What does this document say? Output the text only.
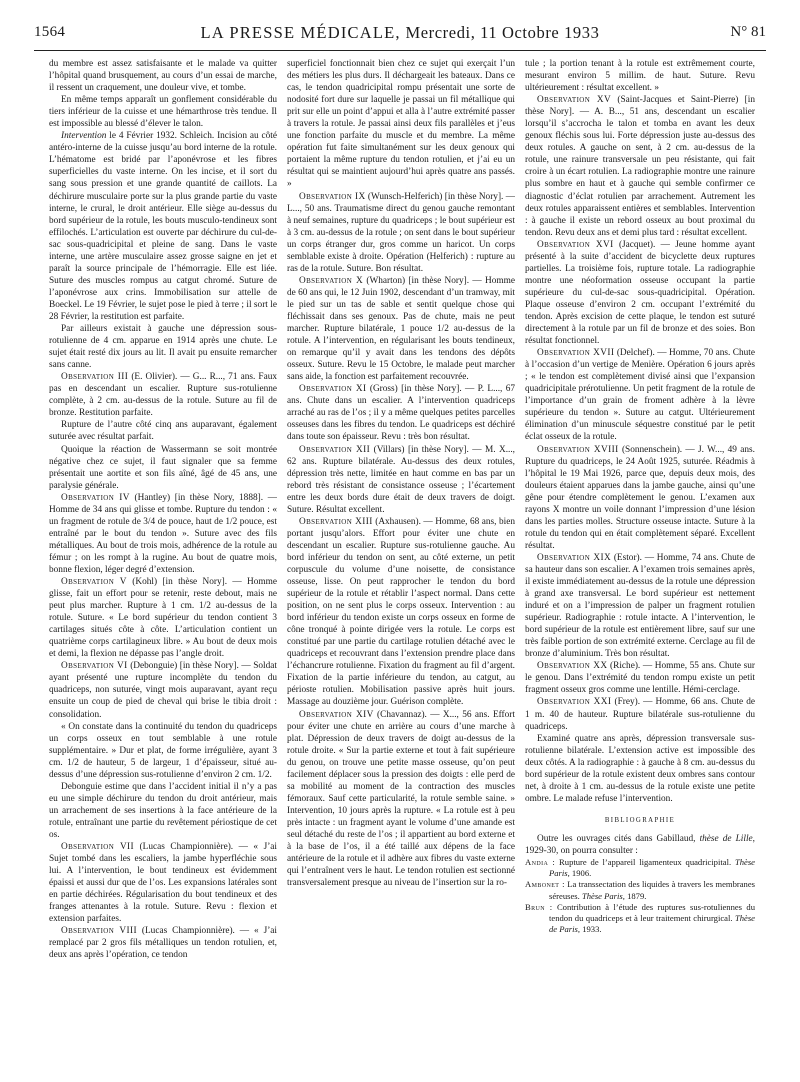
1564	LA PRESSE MÉDICALE, Mercredi, 11 Octobre 1933	N° 81

du membre est assez satisfaisante et le malade va quitter l’hôpital quand brusquement, au cours d’un essai de marche, il ressent un craquement, une douleur vive, et tombe.

En même temps apparaît un gonflement considérable du tiers inférieur de la cuisse et une hémarthrose très tendue. Il est impossible au blessé d’élever le talon.

Intervention le 4 Février 1932. Schleich. Incision au côté antéro-interne de la cuisse jusqu’au bord interne de la rotule. L’hématome est bridé par l’aponévrose et les fibres superficielles du vaste interne. On les incise, et il sort du sang sous pression et une grande quantité de caillots. La déchirure musculaire porte sur la plus grande partie du vaste interne, le crural, le droit antérieur. Elle siège au-dessus du bord supérieur de la rotule, les bouts musculo-tendineux sont effilochés. L’articulation est ouverte par déchirure du cul-de-sac sous-quadricipital et pleine de sang. Dans le vaste interne, une artère musculaire assez grosse saigne en jet et paraît la source principale de l’hémorragie. Elle est liée. Suture des muscles rompus au catgut chromé. Suture de l’aponévrose aux crins. Immobilisation sur attelle de Boeckel. Le 19 Février, le sujet pose le pied à terre ; il sort le 28 Février, la restitution est parfaite.

Par ailleurs existait à gauche une dépression sous-rotulienne de 4 cm. apparue en 1914 après une chute. Le sujet était resté dix jours au lit. Il avait pu ensuite remarcher sans canne.

Observation III (E. Olivier). — G... R..., 71 ans. Faux pas en descendant un escalier. Rupture sus-rotulienne complète, à 2 cm. au-dessus de la rotule. Suture au fil de bronze. Restitution parfaite.

Rupture de l’autre côté cinq ans auparavant, également suturée avec résultat parfait.

Quoique la réaction de Wassermann se soit montrée négative chez ce sujet, il faut signaler que sa femme présentait une aortite et son fils aîné, âgé de 45 ans, une paralysie générale.

Observation IV (Hantley) [in thèse Nory, 1888]. — Homme de 34 ans qui glisse et tombe. Rupture du tendon : « un fragment de rotule de 3/4 de pouce, haut de 1/2 pouce, est entraîné par le bout du tendon ». Suture avec des fils métalliques. Au bout de trois mois, adhérence de la rotule au fémur ; on les rompt à la rugine. Au bout de quatre mois, bonne flexion, léger degré d’extension.

Observation V (Kohl) [in thèse Nory]. — Homme glisse, fait un effort pour se retenir, reste debout, mais ne peut plus marcher. Rupture à 1 cm. 1/2 au-dessus de la rotule. Suture. « Le bord supérieur du tendon contient 3 cartilages situés côte à côte. L’articulation contient un quatrième corps cartilagineux libre. » Au bout de deux mois et demi, la flexion ne dépasse pas l’angle droit.

Observation VI (Debonguie) [in thèse Nory]. — Soldat ayant présenté une rupture incomplète du tendon du quadriceps, non suturée, vingt mois auparavant, ayant reçu ensuite un coup de pied de cheval qui brise le tibia droit : consolidation.

« On constate dans la continuité du tendon du quadriceps un corps osseux en tout semblable à une rotule supplémentaire. » Dur et plat, de forme irrégulière, ayant 3 cm. 1/2 de hauteur, 5 de largeur, 1 d’épaisseur, situé au-dessus d’une dépression sus-rotulienne d’environ 2 cm. 1/2.

Debonguie estime que dans l’accident initial il n’y a pas eu une simple déchirure du tendon du droit antérieur, mais un arrachement de ses insertions à la face antérieure de la rotule, entraînant une partie du revêtement périostique de cet os.

Observation VII (Lucas Championnière). — « J’ai Sujet tombé dans les escaliers, la jambe hyperfléchie sous lui. A l’intervention, le bout tendineux est évidemment épaissi et aussi dur que de l’os. Les expansions latérales sont en partie déchirées. Régularisation du bout tendineux et des franges attenantes à la rotule. Suture. Revu : flexion et extension parfaites.

Observation VIII (Lucas Championnière). — « J’ai remplacé par 2 gros fils métalliques un tendon rotulien, et, deux ans après l’opération, ce tendon

superficiel fonctionnait bien chez ce sujet qui exerçait l’un des métiers les plus durs. Il déchargeait les bateaux. Dans ce cas, le tendon quadricipital rompu présentait une sorte de nodosité fort dure sur laquelle je passai un fil métallique qui prit sur elle un point d’appui et alla à l’autre extrémité passer à travers la rotule. Je passai ainsi deux fils parallèles et j’eus une fonction parfaite du muscle et du membre. La même opération fut faite simultanément sur les deux genoux qui portaient la même rupture du tendon rotulien, et j’ai eu un résultat qui se maintient aujourd’hui après quatre ans passés. »

Observation IX (Wunsch-Helferich) [in thèse Nory]. — L..., 50 ans. Traumatisme direct du genou gauche remontant à neuf semaines, rupture du quadriceps ; le bout supérieur est à 3 cm. au-dessus de la rotule ; on sent dans le bout supérieur un corps étranger dur, gros comme un haricot. Un corps semblable existe à droite. Opération (Helferich) : rupture au ras de la rotule. Suture. Bon résultat.

Observation X (Wharton) [in thèse Nory]. — Homme de 60 ans qui, le 12 Juin 1902, descendant d’un tramway, mit le pied sur un tas de sable et sentit quelque chose qui fléchissait dans ses genoux. Pas de chute, mais ne peut marcher. Rupture bilatérale, 1 pouce 1/2 au-dessus de la rotule. A l’intervention, en régularisant les bouts tendineux, on remarque qu’il y avait dans les tendons des dépôts osseux. Suture. Revu le 15 Octobre, le malade peut marcher sans aide, la fonction est parfaitement recouvrée.

Observation XI (Gross) [in thèse Nory]. — P. L..., 67 ans. Chute dans un escalier. A l’intervention quadriceps arraché au ras de l’os ; il y a même quelques petites parcelles osseuses dans les fibres du tendon. Le quadriceps est déchiré dans toute son épaisseur. Revu : très bon résultat.

Observation XII (Villars) [in thèse Nory]. — M. X..., 62 ans. Rupture bilatérale. Au-dessus des deux rotules, dépression très nette, limitée en haut comme en bas par un rebord très résistant de consistance osseuse ; l’écartement entre les deux bords dure était de deux travers de doigt. Suture. Résultat excellent.

Observation XIII (Axhausen). — Homme, 68 ans, bien portant jusqu’alors. Effort pour éviter une chute en descendant un escalier. Rupture sus-rotulienne gauche. Au bord inférieur du tendon on sent, au côté externe, un petit corpuscule du volume d’une noisette, de consistance osseuse, lisse. On peut rapprocher le tendon du bord supérieur de la rotule et rétablir l’aspect normal. Dans cette position, on ne sent plus le corps osseux. Intervention : au bord inférieur du tendon existe un corps osseux en forme de cône tronqué à pointe dirigée vers la rotule. Le corps est constitué par une partie du cartilage rotulien détaché avec le quadriceps et recouvrant dans l’extension prendre place dans l’échancrure rotulienne. Fixation du fragment au fil d’argent. Fixation de la partie inférieure du tendon, au catgut, au périoste rotulien. Mobilisation passive après huit jours. Massage au douzième jour. Guérison complète.

Observation XIV (Chavannaz). — X..., 56 ans. Effort pour éviter une chute en arrière au cours d’une marche à plat. Dépression de deux travers de doigt au-dessus de la rotule droite. « Sur la partie externe et tout à fait supérieure du genou, on trouve une petite masse osseuse, qu’on peut facilement déplacer sous la pression des doigts : elle perd de sa mobilité au moment de la contraction des muscles fémoraux. Sauf cette particularité, la rotule semble saine. » Intervention, 10 jours après la rupture. « La rotule est à peu près intacte : un fragment ayant le volume d’une amande est seul détaché du reste de l’os ; il appartient au bord externe et à la base de l’os, il a été taillé aux dépens de la face antérieure de la rotule et il adhère aux fibres du vaste externe qui l’entraînent vers le haut. Le tendon rotulien est sectionné transversalement presque au niveau de l’insertion sur la ro-

tule ; la portion tenant à la rotule est extrêmement courte, mesurant environ 5 millim. de haut. Suture. Revu ultérieurement : résultat excellent. »

Observation XV (Saint-Jacques et Saint-Pierre) [in thèse Nory]. — A. B..., 51 ans, descendant un escalier lorsqu’il s’accrocha le talon et tomba en avant les deux genoux fléchis sous lui. Forte dépression juste au-dessus des deux rotules. A gauche on sent, à 2 cm. au-dessus de la rotule, une rainure transversale un peu résistante, qui fait croire à un écart rotulien. La radiographie montre une rainure plus sombre en haut et à gauche qui semble confirmer ce diagnostic d’éclat rotulien par arrachement. Autrement les deux rotules apparaissent entières et semblables. Intervention : à gauche il existe un rebord osseux au bout proximal du tendon. Revu deux ans et demi plus tard : résultat excellent.

Observation XVI (Jacquet). — Jeune homme ayant présenté à la suite d’accident de bicyclette deux ruptures partielles. La troisième fois, rupture totale. La radiographie montre une néoformation osseuse occupant la partie supérieure du cul-de-sac sous-quadricipital. Opération. Plaque osseuse d’environ 2 cm. occupant l’extrémité du tendon. Après excision de cette plaque, le tendon est suturé directement à la rotule par un fil de bronze et des soies. Bon résultat fonctionnel.

Observation XVII (Delchef). — Homme, 70 ans. Chute à l’occasion d’un vertige de Menière. Opération 6 jours après ; « le tendon est complètement divisé ainsi que l’expansion quadricipitale prérotulienne. Un petit fragment de la rotule de l’importance d’un grain de froment adhère à la lèvre supérieure du tendon ». Suture au catgut. Ultérieurement élimination d’un minuscule séquestre constitué par le petit éclat osseux de la rotule.

Observation XVIII (Sonnenschein). — J. W..., 49 ans. Rupture du quadriceps, le 24 Août 1925, suturée. Réadmis à l’hôpital le 19 Mai 1926, parce que, depuis deux mois, des douleurs étaient apparues dans la jambe gauche, ainsi qu’une gêne pour étendre complètement le genou. L’examen aux rayons X montre un voile donnant l’impression d’une lésion dans les parties molles. Structure osseuse intacte. Suture à la rotule du tendon qui en était complètement séparé. Excellent résultat.

Observation XIX (Estor). — Homme, 74 ans. Chute de sa hauteur dans son escalier. A l’examen trois semaines après, il existe immédiatement au-dessus de la rotule une dépression à grand axe transversal. Le bord supérieur est nettement induré et on a l’impression de palper un fragment rotulien supérieur. Radiographie : rotule intacte. A l’intervention, le bord supérieur de la rotule est entièrement libre, sauf sur une très faible portion de son extrémité externe. Cerclage au fil de bronze d’aluminium. Très bon résultat.

Observation XX (Riche). — Homme, 55 ans. Chute sur le genou. Dans l’extrémité du tendon rompu existe un petit fragment osseux gros comme une lentille. Hémi-cerclage.

Observation XXI (Frey). — Homme, 66 ans. Chute de 1 m. 40 de hauteur. Rupture bilatérale sus-rotulienne du quadriceps.

Examiné quatre ans après, dépression transversale sus-rotulienne bilatérale. L’extension active est impossible des deux côtés. A la radiographie : à gauche à 8 cm. au-dessus du bord supérieur de la rotule existent deux ombres sans contour net, à droite à 1 cm. au-dessus de la rotule existe une petite ombre. Le malade refuse l’intervention.

BIBLIOGRAPHIE

Outre les ouvrages cités dans Gabillaud, thèse de Lille, 1929-30, on pourra consulter :

Andia : Rupture de l’appareil ligamenteux quadricipital. Thèse Paris, 1906.

Ambonet : La transsectation des liquides à travers les membranes séreuses. Thèse Paris, 1879.

Brun : Contribution à l’étude des ruptures sus-rotuliennes du tendon du quadriceps et à leur traitement chirurgical. Thèse de Paris, 1933.
